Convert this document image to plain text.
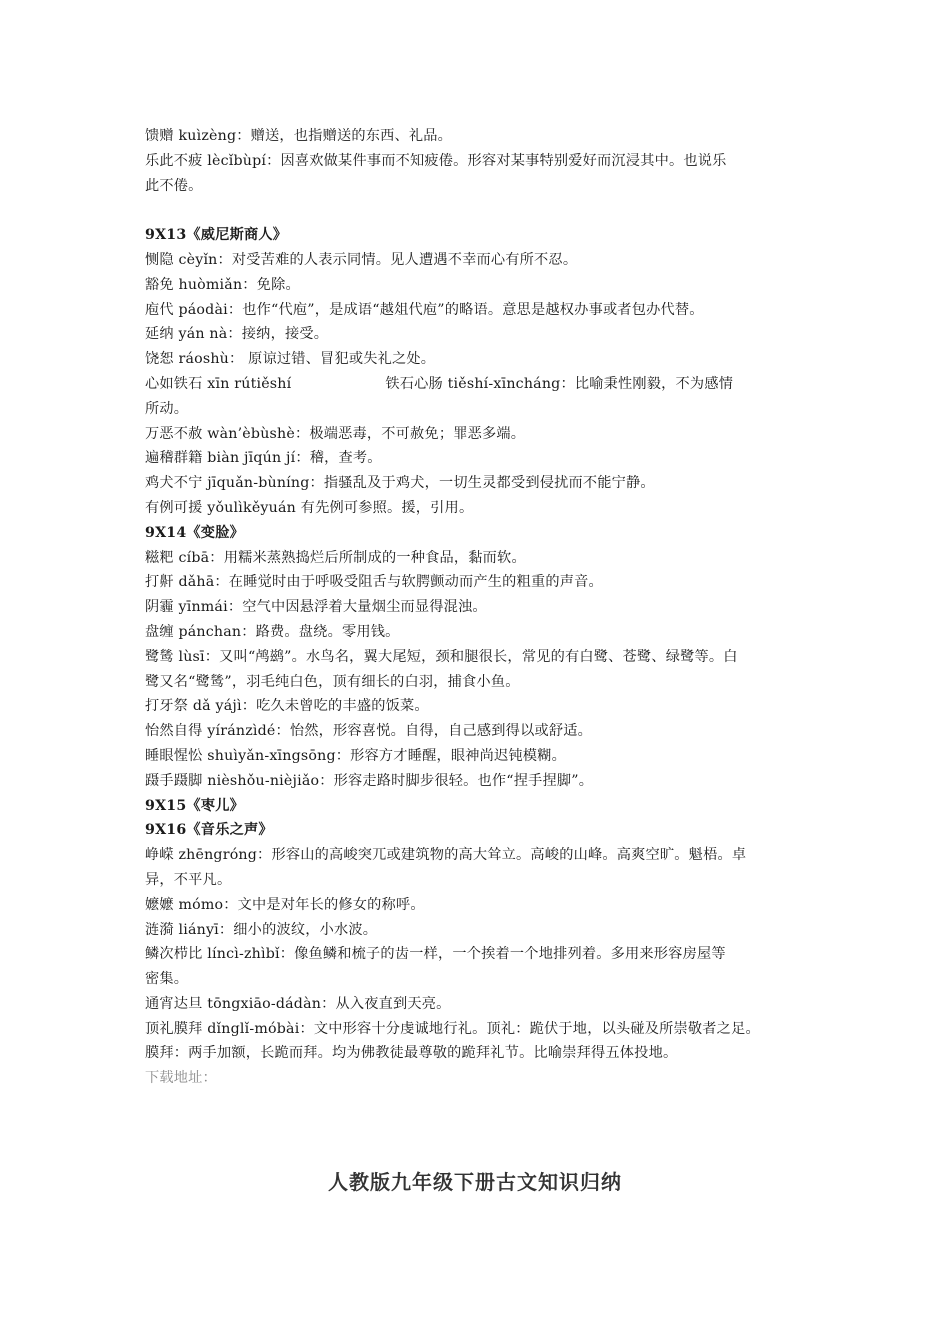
馈赠 kuìzèng：赠送，也指赠送的东西、礼品。
乐此不疲 lècǐbùpí：因喜欢做某件事而不知疲倦。形容对某事特别爱好而沉浸其中。也说乐
此不倦。
9X13《威尼斯商人》
恻隐 cèyǐn：对受苦难的人表示同情。见人遭遇不幸而心有所不忍。
豁免 huòmiǎn：免除。
庖代 páodài：也作“代庖”，是成语“越俎代庖”的略语。意思是越权办事或者包办代替。
延纳 yán nà：接纳，接受。
饶恕 ráoshù： 原谅过错、冒犯或失礼之处。
心如铁石 xīn rútiěshí	铁石心肠 tiěshí-xīncháng：比喻秉性刚毅，不为感情
所动。
万恶不赦 wàn’èbùshè：极端恶毒，不可赦免；罪恶多端。
遍稽群籍 biàn jīqún jí：稽，查考。
鸡犬不宁 jīquǎn-bùníng：指骚乱及于鸡犬，一切生灵都受到侵扰而不能宁静。
有例可援 yǒulìkěyuán 有先例可参照。援，引用。
9X14《变脸》
糍粑 cíbā：用糯米蒸熟捣烂后所制成的一种食品，黏而软。
打鼾 dǎhā：在睡觉时由于呼吸受阻舌与软腭颤动而产生的粗重的声音。
阴霾 yīnmái：空气中因悬浮着大量烟尘而显得混浊。
盘缠 pánchan：路费。盘绕。零用钱。
鹭鸶 lùsī：又叫“鸬鹚”。水鸟名，翼大尾短，颈和腿很长，常见的有白鹭、苍鹭、绿鹭等。白
鹭又名“鹭鸶”，羽毛纯白色，顶有细长的白羽，捕食小鱼。
打牙祭 dǎ yájì：吃久未曾吃的丰盛的饭菜。
怡然自得 yíránzìdé：怡然，形容喜悦。自得，自己感到得以或舒适。
睡眼惺忪 shuìyǎn-xīngsōng：形容方才睡醒，眼神尚迟钝模糊。
蹑手蹑脚 nièshǒu-nièjiǎo：形容走路时脚步很轻。也作“捏手捏脚”。
9X15《枣儿》
9X16《音乐之声》
峥嵘 zhēngróng：形容山的高峻突兀或建筑物的高大耸立。高峻的山峰。高爽空旷。魁梧。卓
异，不平凡。
嬷嬷 mómo：文中是对年长的修女的称呼。
涟漪 liányī：细小的波纹，小水波。
鳞次栉比 líncì-zhìbǐ：像鱼鳞和梳子的齿一样，一个挨着一个地排列着。多用来形容房屋等
密集。
通宵达旦 tōngxiāo-dádàn：从入夜直到天亮。
顶礼膜拜 dǐnglǐ-móbài：文中形容十分虔诚地行礼。顶礼：跪伏于地，以头碰及所崇敬者之足。
膜拜：两手加额，长跪而拜。均为佛教徒最尊敬的跪拜礼节。比喻崇拜得五体投地。
下载地址：
人教版九年级下册古文知识归纳
